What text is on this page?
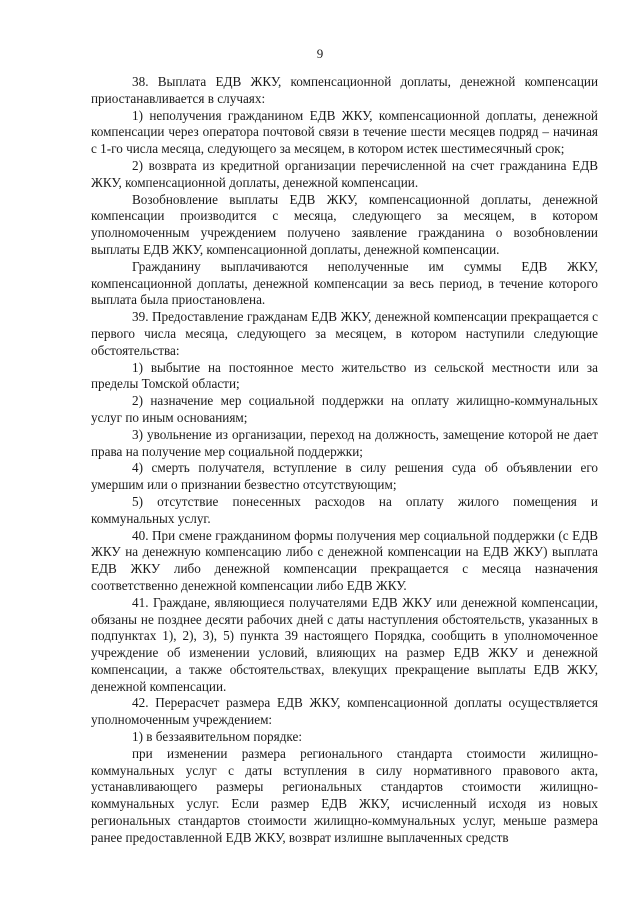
9

38. Выплата ЕДВ ЖКУ, компенсационной доплаты, денежной компенсации приостанавливается в случаях:

1) неполучения гражданином ЕДВ ЖКУ, компенсационной доплаты, денежной компенсации через оператора почтовой связи в течение шести месяцев подряд – начиная с 1-го числа месяца, следующего за месяцем, в котором истек шестимесячный срок;

2) возврата из кредитной организации перечисленной на счет гражданина ЕДВ ЖКУ, компенсационной доплаты, денежной компенсации.

Возобновление выплаты ЕДВ ЖКУ, компенсационной доплаты, денежной компенсации производится с месяца, следующего за месяцем, в котором уполномоченным учреждением получено заявление гражданина о возобновлении выплаты ЕДВ ЖКУ, компенсационной доплаты, денежной компенсации.

Гражданину выплачиваются неполученные им суммы ЕДВ ЖКУ, компенсационной доплаты, денежной компенсации за весь период, в течение которого выплата была приостановлена.

39. Предоставление гражданам ЕДВ ЖКУ, денежной компенсации прекращается с первого числа месяца, следующего за месяцем, в котором наступили следующие обстоятельства:

1) выбытие на постоянное место жительство из сельской местности или за пределы Томской области;

2) назначение мер социальной поддержки на оплату жилищно-коммунальных услуг по иным основаниям;

3) увольнение из организации, переход на должность, замещение которой не дает права на получение мер социальной поддержки;

4) смерть получателя, вступление в силу решения суда об объявлении его умершим или о признании безвестно отсутствующим;

5) отсутствие понесенных расходов на оплату жилого помещения и коммунальных услуг.

40. При смене гражданином формы получения мер социальной поддержки (с ЕДВ ЖКУ на денежную компенсацию либо с денежной компенсации на ЕДВ ЖКУ) выплата ЕДВ ЖКУ либо денежной компенсации прекращается с месяца назначения соответственно денежной компенсации либо ЕДВ ЖКУ.

41. Граждане, являющиеся получателями ЕДВ ЖКУ или денежной компенсации, обязаны не позднее десяти рабочих дней с даты наступления обстоятельств, указанных в подпунктах 1), 2), 3), 5) пункта 39 настоящего Порядка, сообщить в уполномоченное учреждение об изменении условий, влияющих на размер ЕДВ ЖКУ и денежной компенсации, а также обстоятельствах, влекущих прекращение выплаты ЕДВ ЖКУ, денежной компенсации.

42. Перерасчет размера ЕДВ ЖКУ, компенсационной доплаты осуществляется уполномоченным учреждением:

1) в беззаявительном порядке:

при изменении размера регионального стандарта стоимости жилищно-коммунальных услуг с даты вступления в силу нормативного правового акта, устанавливающего размеры региональных стандартов стоимости жилищно-коммунальных услуг. Если размер ЕДВ ЖКУ, исчисленный исходя из новых региональных стандартов стоимости жилищно-коммунальных услуг, меньше размера ранее предоставленной ЕДВ ЖКУ, возврат излишне выплаченных средств
